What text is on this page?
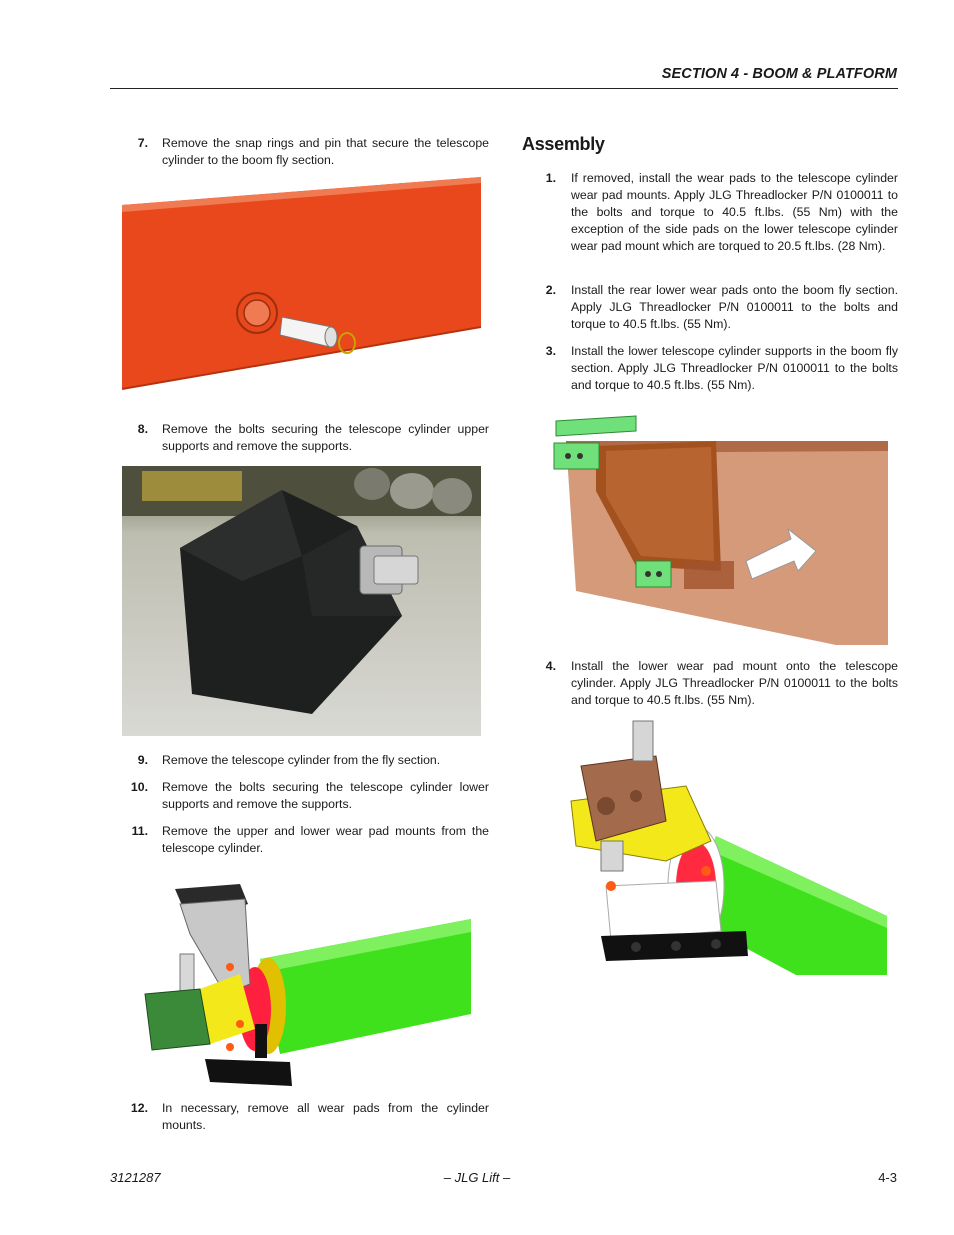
SECTION 4 - BOOM & PLATFORM
7. Remove the snap rings and pin that secure the telescope cylinder to the boom fly section.
8. Remove the bolts securing the telescope cylinder upper supports and remove the supports.
9. Remove the telescope cylinder from the fly section.
10. Remove the bolts securing the telescope cylinder lower supports and remove the supports.
11. Remove the upper and lower wear pad mounts from the telescope cylinder.
12. In necessary, remove all wear pads from the cylinder mounts.
Assembly
1. If removed, install the wear pads to the telescope cylinder wear pad mounts. Apply JLG Threadlocker P/N 0100011 to the bolts and torque to 40.5 ft.lbs. (55 Nm) with the exception of the side pads on the lower telescope cylinder wear pad mount which are torqued to 20.5 ft.lbs. (28 Nm).
2. Install the rear lower wear pads onto the boom fly section. Apply JLG Threadlocker P/N 0100011 to the bolts and torque to 40.5 ft.lbs. (55 Nm).
3. Install the lower telescope cylinder supports in the boom fly section. Apply JLG Threadlocker P/N 0100011 to the bolts and torque to 40.5 ft.lbs. (55 Nm).
4. Install the lower wear pad mount onto the telescope cylinder. Apply JLG Threadlocker P/N 0100011 to the bolts and torque to 40.5 ft.lbs. (55 Nm).
3121287	– JLG Lift –	4-3
